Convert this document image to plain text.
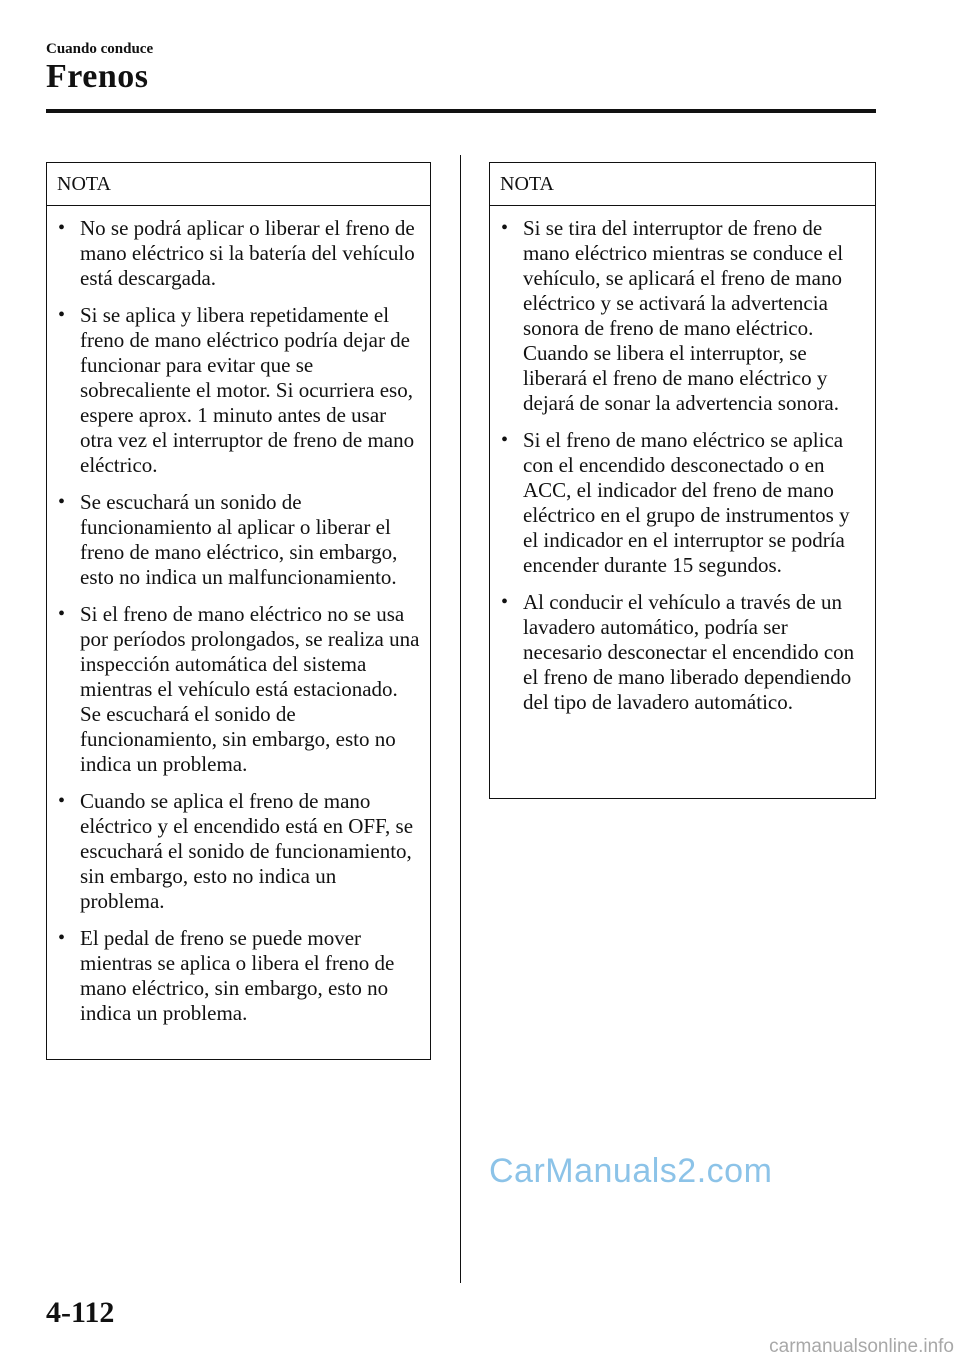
Cuando conduce
Frenos
NOTA
• No se podrá aplicar o liberar el freno de mano eléctrico si la batería del vehículo está descargada.
• Si se aplica y libera repetidamente el freno de mano eléctrico podría dejar de funcionar para evitar que se sobrecaliente el motor. Si ocurriera eso, espere aprox. 1 minuto antes de usar otra vez el interruptor de freno de mano eléctrico.
• Se escuchará un sonido de funcionamiento al aplicar o liberar el freno de mano eléctrico, sin embargo, esto no indica un malfuncionamiento.
• Si el freno de mano eléctrico no se usa por períodos prolongados, se realiza una inspección automática del sistema mientras el vehículo está estacionado. Se escuchará el sonido de funcionamiento, sin embargo, esto no indica un problema.
• Cuando se aplica el freno de mano eléctrico y el encendido está en OFF, se escuchará el sonido de funcionamiento, sin embargo, esto no indica un problema.
• El pedal de freno se puede mover mientras se aplica o libera el freno de mano eléctrico, sin embargo, esto no indica un problema.
NOTA
• Si se tira del interruptor de freno de mano eléctrico mientras se conduce el vehículo, se aplicará el freno de mano eléctrico y se activará la advertencia sonora de freno de mano eléctrico. Cuando se libera el interruptor, se liberará el freno de mano eléctrico y dejará de sonar la advertencia sonora.
• Si el freno de mano eléctrico se aplica con el encendido desconectado o en ACC, el indicador del freno de mano eléctrico en el grupo de instrumentos y el indicador en el interruptor se podría encender durante 15 segundos.
• Al conducir el vehículo a través de un lavadero automático, podría ser necesario desconectar el encendido con el freno de mano liberado dependiendo del tipo de lavadero automático.
CarManuals2.com
4-112
carmanualsonline.info
